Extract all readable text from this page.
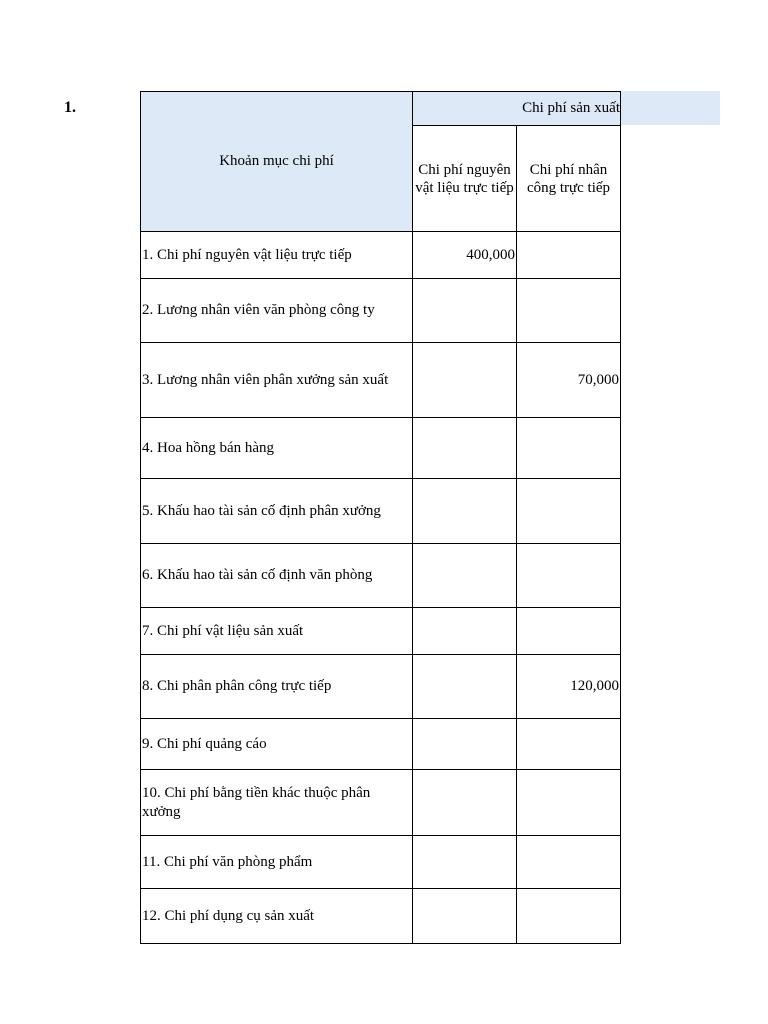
1.
Khoản mục chi phí	Chi phí sản xuất	
	Chi phí nguyên vật liệu trực tiếp	Chi phí nhân công trực tiếp
1. Chi phí nguyên vật liệu trực tiếp	400,000	
2. Lương nhân viên văn phòng công ty		
3. Lương nhân viên phân xưởng sản xuất		70,000
4. Hoa hồng bán hàng		
5. Khấu hao tài sản cố định phân xưởng		
6. Khấu hao tài sản cố định văn phòng		
7. Chi phí vật liệu sản xuất		
8. Chi phân phân công trực tiếp		120,000
9. Chi phí quảng cáo		
10. Chi phí bằng tiền khác thuộc phân xưởng		
11. Chi phí văn phòng phẩm		
12. Chi phí dụng cụ sản xuất		
